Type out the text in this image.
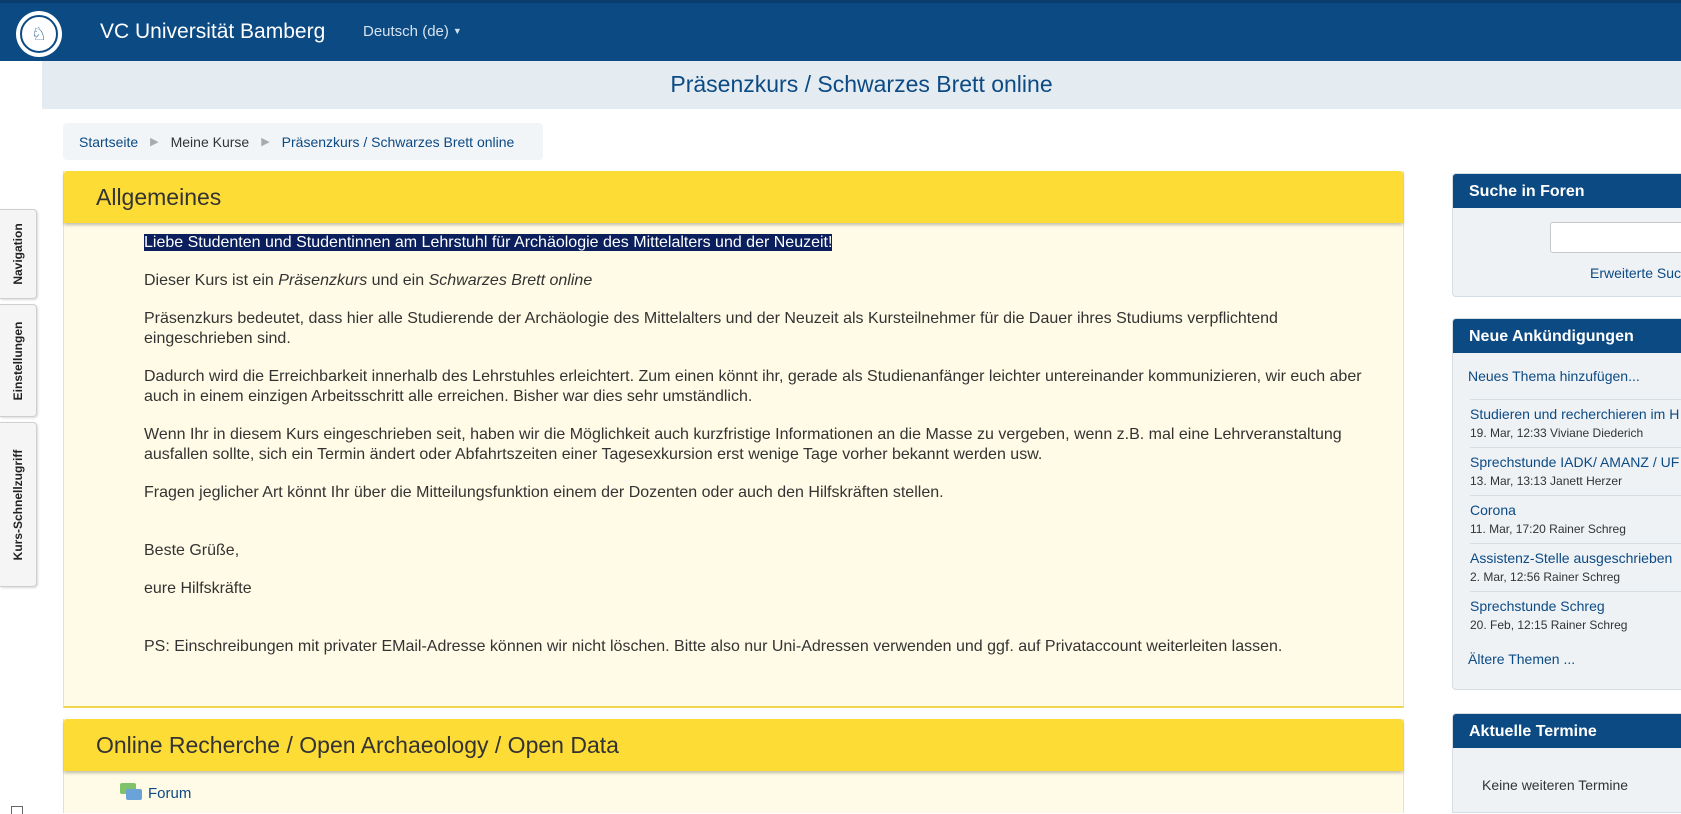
♘	VC Universität Bamberg	Deutsch (de) ▼
Präsenzkurs / Schwarzes Brett online
Navigation
Einstellungen
Kurs-Schnellzugriff
Startseite ▶ Meine Kurse ▶ Präsenzkurs / Schwarzes Brett online
Allgemeines

Liebe Studenten und Studentinnen am Lehrstuhl für Archäologie des Mittelalters und der Neuzeit!

Dieser Kurs ist ein Präsenzkurs und ein Schwarzes Brett online

Präsenzkurs bedeutet, dass hier alle Studierende der Archäologie des Mittelalters und der Neuzeit als Kursteilnehmer für die Dauer ihres Studiums verpflichtend eingeschrieben sind.

Dadurch wird die Erreichbarkeit innerhalb des Lehrstuhles erleichtert. Zum einen könnt ihr, gerade als Studienanfänger leichter untereinander kommunizieren, wir euch aber auch in einem einzigen Arbeitsschritt alle erreichen. Bisher war dies sehr umständlich.

Wenn Ihr in diesem Kurs eingeschrieben seit, haben wir die Möglichkeit auch kurzfristige Informationen an die Masse zu vergeben, wenn z.B. mal eine Lehrveranstaltung ausfallen sollte, sich ein Termin ändert oder Abfahrtszeiten einer Tagesexkursion erst wenige Tage vorher bekannt werden usw.

Fragen jeglicher Art könnt Ihr über die Mitteilungsfunktion einem der Dozenten oder auch den Hilfskräften stellen.

Beste Grüße,

eure Hilfskräfte

PS: Einschreibungen mit privater EMail-Adresse können wir nicht löschen. Bitte also nur Uni-Adressen verwenden und ggf. auf Privataccount weiterleiten lassen.

Online Recherche / Open Archaeology / Open Data
Forum
Suche in Foren
Erweiterte Suc
Neue Ankündigungen
Neues Thema hinzufügen...
Studieren und recherchieren im H
19. Mar, 12:33 Viviane Diederich
Sprechstunde IADK/ AMANZ / UF
13. Mar, 13:13 Janett Herzer
Corona
11. Mar, 17:20 Rainer Schreg
Assistenz-Stelle ausgeschrieben
2. Mar, 12:56 Rainer Schreg
Sprechstunde Schreg
20. Feb, 12:15 Rainer Schreg
Ältere Themen ...
Aktuelle Termine
Keine weiteren Termine
